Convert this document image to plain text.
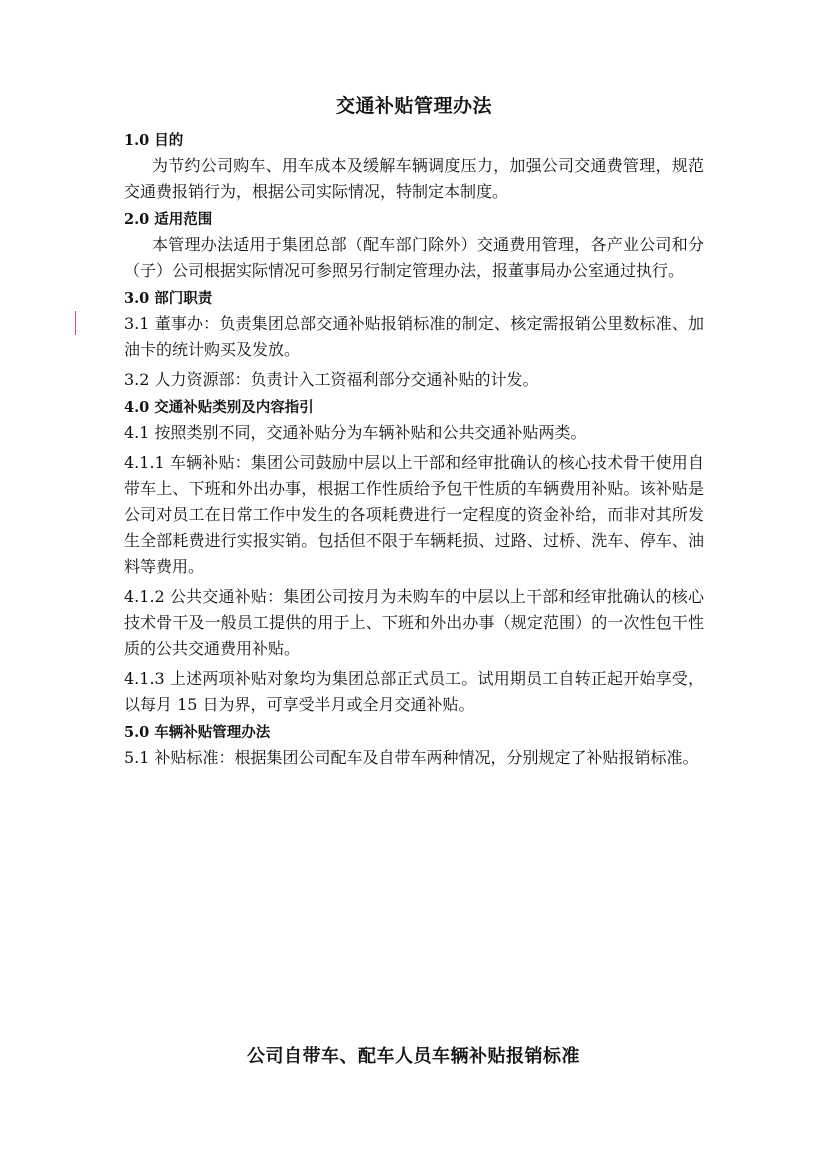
交通补贴管理办法
1.0 目的

为节约公司购车、用车成本及缓解车辆调度压力，加强公司交通费管理，规范交通费报销行为，根据公司实际情况，特制定本制度。

2.0 适用范围

本管理办法适用于集团总部（配车部门除外）交通费用管理，各产业公司和分（子）公司根据实际情况可参照另行制定管理办法，报董事局办公室通过执行。

3.0 部门职责

3.1 董事办：负责集团总部交通补贴报销标准的制定、核定需报销公里数标准、加油卡的统计购买及发放。

3.2 人力资源部：负责计入工资福利部分交通补贴的计发。

4.0 交通补贴类别及内容指引

4.1 按照类别不同，交通补贴分为车辆补贴和公共交通补贴两类。

4.1.1 车辆补贴：集团公司鼓励中层以上干部和经审批确认的核心技术骨干使用自带车上、下班和外出办事，根据工作性质给予包干性质的车辆费用补贴。该补贴是公司对员工在日常工作中发生的各项耗费进行一定程度的资金补给，而非对其所发生全部耗费进行实报实销。包括但不限于车辆耗损、过路、过桥、洗车、停车、油料等费用。

4.1.2 公共交通补贴：集团公司按月为未购车的中层以上干部和经审批确认的核心技术骨干及一般员工提供的用于上、下班和外出办事（规定范围）的一次性包干性质的公共交通费用补贴。

4.1.3 上述两项补贴对象均为集团总部正式员工。试用期员工自转正起开始享受，以每月 15 日为界，可享受半月或全月交通补贴。

5.0 车辆补贴管理办法

5.1 补贴标准：根据集团公司配车及自带车两种情况，分别规定了补贴报销标准。

公司自带车、配车人员车辆补贴报销标准
